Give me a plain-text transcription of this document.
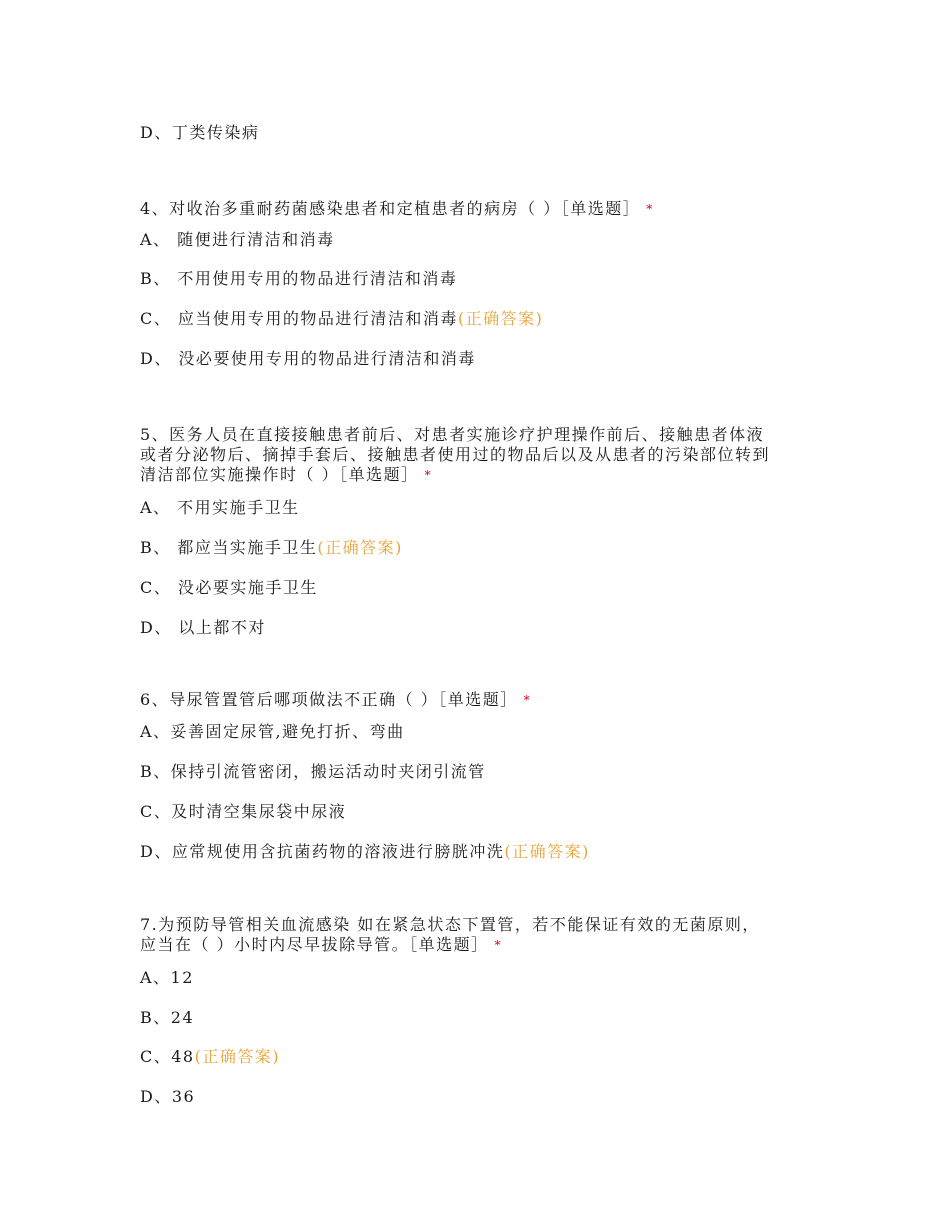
D、丁类传染病

4、对收治多重耐药菌感染患者和定植患者的病房（ ）［单选题］ *

A、 随便进行清洁和消毒

B、 不用使用专用的物品进行清洁和消毒

C、 应当使用专用的物品进行清洁和消毒(正确答案)

D、 没必要使用专用的物品进行清洁和消毒

5、医务人员在直接接触患者前后、对患者实施诊疗护理操作前后、接触患者体液

或者分泌物后、摘掉手套后、接触患者使用过的物品后以及从患者的污染部位转到

清洁部位实施操作时（ ）［单选题］ *

A、 不用实施手卫生

B、 都应当实施手卫生(正确答案)

C、 没必要实施手卫生

D、 以上都不对

6、导尿管置管后哪项做法不正确（ ）［单选题］ *

A、妥善固定尿管,避免打折、弯曲

B、保持引流管密闭，搬运活动时夹闭引流管

C、及时清空集尿袋中尿液

D、应常规使用含抗菌药物的溶液进行膀胱冲洗(正确答案)

7.为预防导管相关血流感染 如在紧急状态下置管，若不能保证有效的无菌原则，

应当在（ ）小时内尽早拔除导管。［单选题］ *

A、12

B、24

C、48(正确答案)

D、36
